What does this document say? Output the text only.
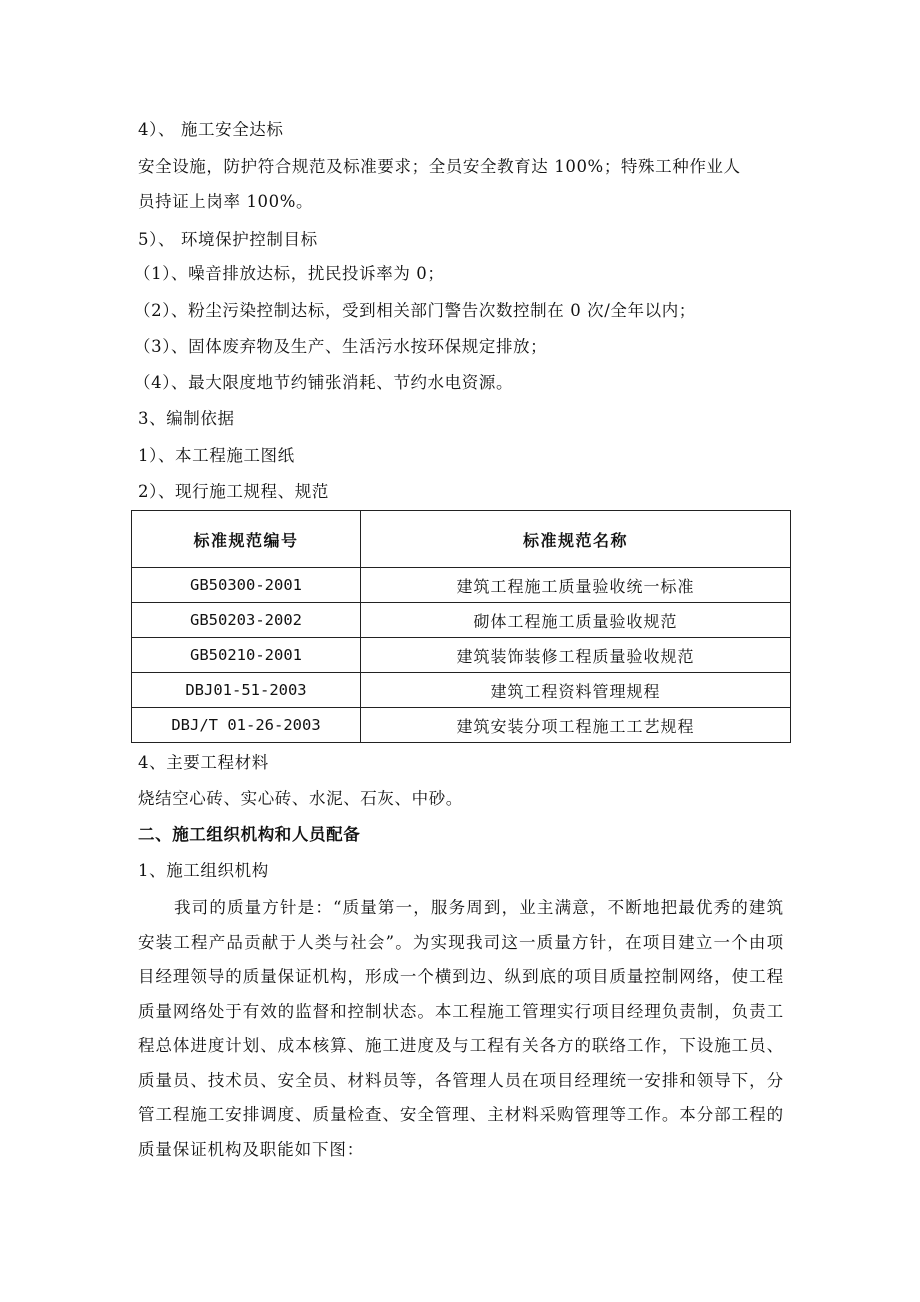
4）、 施工安全达标
安全设施，防护符合规范及标准要求；全员安全教育达 100%；特殊工种作业人
员持证上岗率 100%。
5）、 环境保护控制目标
（1）、噪音排放达标，扰民投诉率为 0；
（2）、粉尘污染控制达标，受到相关部门警告次数控制在 0 次/全年以内；
（3）、固体废弃物及生产、生活污水按环保规定排放；
（4）、最大限度地节约铺张消耗、节约水电资源。
3、编制依据
1）、本工程施工图纸
2）、现行施工规程、规范
标准规范编号	标准规范名称
GB50300-2001	建筑工程施工质量验收统一标准
GB50203-2002	砌体工程施工质量验收规范
GB50210-2001	建筑装饰装修工程质量验收规范
DBJ01-51-2003	建筑工程资料管理规程
DBJ/T 01-26-2003	建筑安装分项工程施工工艺规程
4、主要工程材料
烧结空心砖、实心砖、水泥、石灰、中砂。
二、施工组织机构和人员配备
1、施工组织机构
我司的质量方针是：“质量第一，服务周到，业主满意，不断地把最优秀的建筑安装工程产品贡献于人类与社会”。为实现我司这一质量方针，在项目建立一个由项目经理领导的质量保证机构，形成一个横到边、纵到底的项目质量控制网络，使工程质量网络处于有效的监督和控制状态。本工程施工管理实行项目经理负责制，负责工程总体进度计划、成本核算、施工进度及与工程有关各方的联络工作，下设施工员、质量员、技术员、安全员、材料员等，各管理人员在项目经理统一安排和领导下，分管工程施工安排调度、质量检查、安全管理、主材料采购管理等工作。本分部工程的质量保证机构及职能如下图：
